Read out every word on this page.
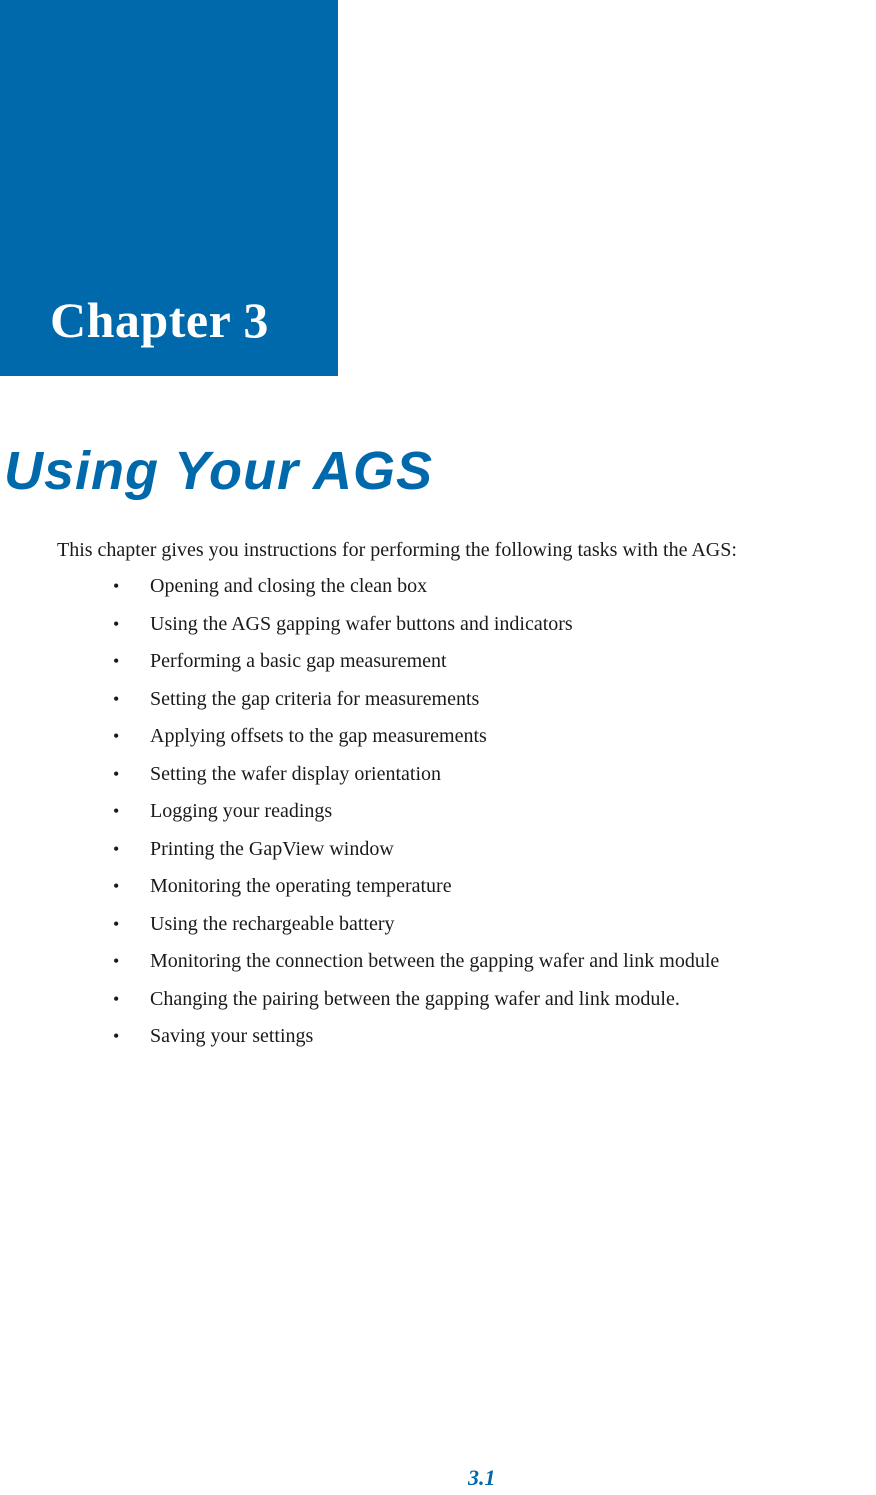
Chapter 3
Using Your AGS

This chapter gives you instructions for performing the following tasks with the AGS:

• Opening and closing the clean box
• Using the AGS gapping wafer buttons and indicators
• Performing a basic gap measurement
• Setting the gap criteria for measurements
• Applying offsets to the gap measurements
• Setting the wafer display orientation
• Logging your readings
• Printing the GapView window
• Monitoring the operating temperature
• Using the rechargeable battery
• Monitoring the connection between the gapping wafer and link module
• Changing the pairing between the gapping wafer and link module.
• Saving your settings
3.1
